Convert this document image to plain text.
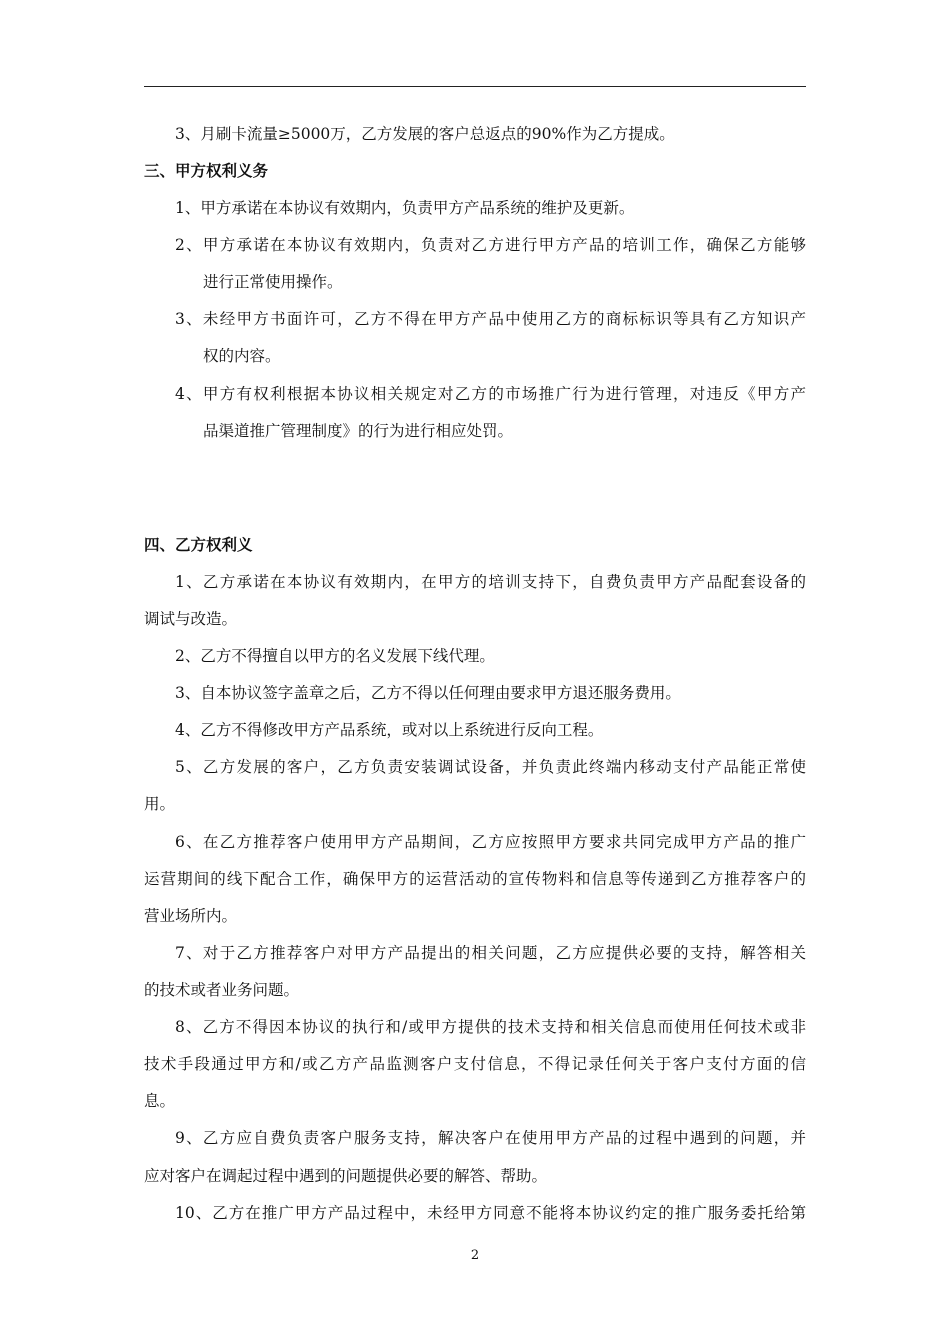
3、月刷卡流量≥5000万，乙方发展的客户总返点的90%作为乙方提成。
三、甲方权利义务
1、甲方承诺在本协议有效期内，负责甲方产品系统的维护及更新。
2、甲方承诺在本协议有效期内，负责对乙方进行甲方产品的培训工作，确保乙方能够
进行正常使用操作。
3、未经甲方书面许可，乙方不得在甲方产品中使用乙方的商标标识等具有乙方知识产
权的内容。
4、甲方有权利根据本协议相关规定对乙方的市场推广行为进行管理，对违反《甲方产
品渠道推广管理制度》的行为进行相应处罚。
四、乙方权利义
1、乙方承诺在本协议有效期内，在甲方的培训支持下，自费负责甲方产品配套设备的
调试与改造。
2、乙方不得擅自以甲方的名义发展下线代理。
3、自本协议签字盖章之后，乙方不得以任何理由要求甲方退还服务费用。
4、乙方不得修改甲方产品系统，或对以上系统进行反向工程。
5、乙方发展的客户，乙方负责安装调试设备，并负责此终端内移动支付产品能正常使
用。
6、在乙方推荐客户使用甲方产品期间，乙方应按照甲方要求共同完成甲方产品的推广
运营期间的线下配合工作，确保甲方的运营活动的宣传物料和信息等传递到乙方推荐客户的
营业场所内。
7、对于乙方推荐客户对甲方产品提出的相关问题，乙方应提供必要的支持，解答相关
的技术或者业务问题。
8、乙方不得因本协议的执行和/或甲方提供的技术支持和相关信息而使用任何技术或非
技术手段通过甲方和/或乙方产品监测客户支付信息，不得记录任何关于客户支付方面的信
息。
9、乙方应自费负责客户服务支持，解决客户在使用甲方产品的过程中遇到的问题，并
应对客户在调起过程中遇到的问题提供必要的解答、帮助。
10、乙方在推广甲方产品过程中，未经甲方同意不能将本协议约定的推广服务委托给第
2
